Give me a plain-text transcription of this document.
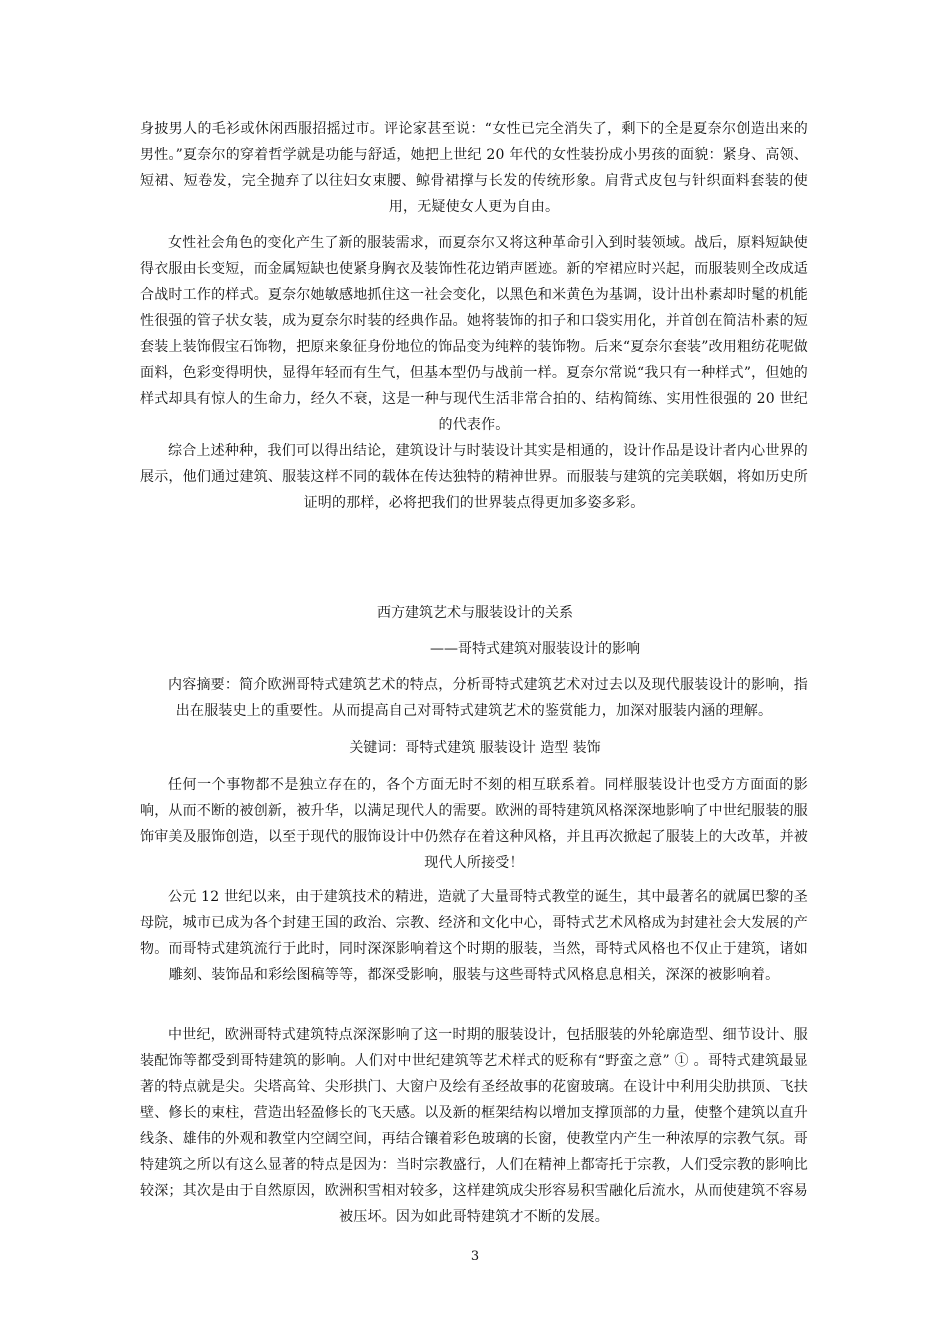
身披男人的毛衫或休闲西服招摇过市。评论家甚至说：“女性已完全消失了，剩下的全是夏奈尔创造出来的男性。”夏奈尔的穿着哲学就是功能与舒适，她把上世纪 20 年代的女性装扮成小男孩的面貌：紧身、高领、短裙、短卷发，完全抛弃了以往妇女束腰、鲸骨裙撑与长发的传统形象。肩背式皮包与针织面料套装的使用，无疑使女人更为自由。

女性社会角色的变化产生了新的服装需求，而夏奈尔又将这种革命引入到时装领域。战后，原料短缺使得衣服由长变短，而金属短缺也使紧身胸衣及装饰性花边销声匿迹。新的窄裙应时兴起，而服装则全改成适合战时工作的样式。夏奈尔她敏感地抓住这一社会变化，以黑色和米黄色为基调，设计出朴素却时髦的机能性很强的管子状女装，成为夏奈尔时装的经典作品。她将装饰的扣子和口袋实用化，并首创在简洁朴素的短套装上装饰假宝石饰物，把原来象征身份地位的饰品变为纯粹的装饰物。后来“夏奈尔套装”改用粗纺花呢做面料，色彩变得明快，显得年轻而有生气，但基本型仍与战前一样。夏奈尔常说“我只有一种样式”，但她的样式却具有惊人的生命力，经久不衰，这是一种与现代生活非常合拍的、结构简练、实用性很强的 20 世纪的代表作。

综合上述种种，我们可以得出结论，建筑设计与时装设计其实是相通的，设计作品是设计者内心世界的展示，他们通过建筑、服装这样不同的载体在传达独特的精神世界。而服装与建筑的完美联姻，将如历史所证明的那样，必将把我们的世界装点得更加多姿多彩。

西方建筑艺术与服装设计的关系

——哥特式建筑对服装设计的影响

内容摘要：简介欧洲哥特式建筑艺术的特点，分析哥特式建筑艺术对过去以及现代服装设计的影响，指出在服装史上的重要性。从而提高自己对哥特式建筑艺术的鉴赏能力，加深对服装内涵的理解。

关键词：哥特式建筑 服装设计 造型 装饰

任何一个事物都不是独立存在的，各个方面无时不刻的相互联系着。同样服装设计也受方方面面的影响，从而不断的被创新，被升华，以满足现代人的需要。欧洲的哥特建筑风格深深地影响了中世纪服装的服饰审美及服饰创造，以至于现代的服饰设计中仍然存在着这种风格，并且再次掀起了服装上的大改革，并被现代人所接受！

公元 12 世纪以来，由于建筑技术的精进，造就了大量哥特式教堂的诞生，其中最著名的就属巴黎的圣母院，城市已成为各个封建王国的政治、宗教、经济和文化中心，哥特式艺术风格成为封建社会大发展的产物。而哥特式建筑流行于此时，同时深深影响着这个时期的服装，当然，哥特式风格也不仅止于建筑，诸如雕刻、装饰品和彩绘图稿等等，都深受影响，服装与这些哥特式风格息息相关，深深的被影响着。

中世纪，欧洲哥特式建筑特点深深影响了这一时期的服装设计，包括服装的外轮廓造型、细节设计、服装配饰等都受到哥特建筑的影响。人们对中世纪建筑等艺术样式的贬称有“野蛮之意” ① 。哥特式建筑最显著的特点就是尖。尖塔高耸、尖形拱门、大窗户及绘有圣经故事的花窗玻璃。在设计中利用尖肋拱顶、飞扶壁、修长的束柱，营造出轻盈修长的飞天感。以及新的框架结构以增加支撑顶部的力量，使整个建筑以直升线条、雄伟的外观和教堂内空阔空间，再结合镶着彩色玻璃的长窗，使教堂内产生一种浓厚的宗教气氛。哥特建筑之所以有这么显著的特点是因为：当时宗教盛行，人们在精神上都寄托于宗教，人们受宗教的影响比较深；其次是由于自然原因，欧洲积雪相对较多，这样建筑成尖形容易积雪融化后流水，从而使建筑不容易被压坏。因为如此哥特建筑才不断的发展。

3
